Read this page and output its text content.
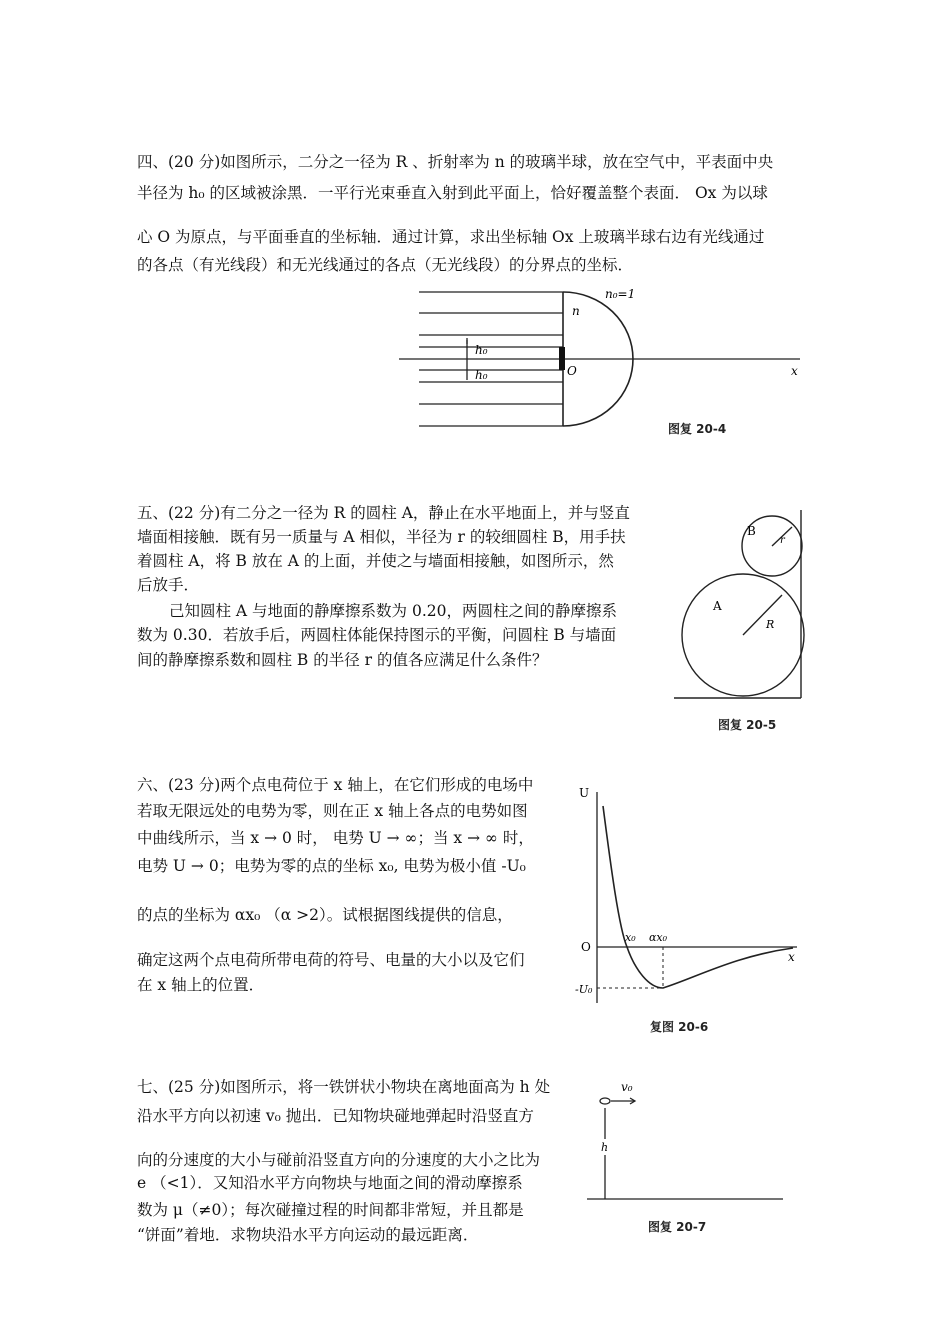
四、(20 分)如图所示，二分之一径为 R 、折射率为 n 的玻璃半球，放在空气中，平表面中央
半径为 h₀ 的区域被涂黑．一平行光束垂直入射到此平面上，恰好覆盖整个表面． Ox 为以球
心 O 为原点，与平面垂直的坐标轴．通过计算，求出坐标轴 Ox 上玻璃半球右边有光线通过
的各点（有光线段）和无光线通过的各点（无光线段）的分界点的坐标．
n₀=1
n
h₀
h₀	O	x
图复 20-4
五、(22 分)有二分之一径为 R 的圆柱 A，静止在水平地面上，并与竖直
墙面相接触．既有另一质量与 A 相似，半径为 r 的较细圆柱 B，用手扶
着圆柱 A，将 B 放在 A 的上面，并使之与墙面相接触，如图所示，然
后放手．
己知圆柱 A 与地面的静摩擦系数为 0.20，两圆柱之间的静摩擦系
数为 0.30．若放手后，两圆柱体能保持图示的平衡，问圆柱 B 与墙面
间的静摩擦系数和圆柱 B 的半径 r 的值各应满足什么条件？
A
B
R
r
图复 20-5
六、(23 分)两个点电荷位于 x 轴上，在它们形成的电场中
若取无限远处的电势为零，则在正 x 轴上各点的电势如图
中曲线所示，当 x → 0 时， 电势 U → ∞；当 x → ∞ 时，
电势 U → 0；电势为零的点的坐标 x₀, 电势为极小值 -U₀
的点的坐标为 αx₀ （α >2）。试根据图线提供的信息，
确定这两个点电荷所带电荷的符号、电量的大小以及它们
在 x 轴上的位置．
U
O
x
x₀ αx₀
-U₀
复图 20-6
七、(25 分)如图所示，将一铁饼状小物块在离地面高为 h 处
沿水平方向以初速 v₀ 抛出．已知物块碰地弹起时沿竖直方
向的分速度的大小与碰前沿竖直方向的分速度的大小之比为
e （<1）．又知沿水平方向物块与地面之间的滑动摩擦系
数为 μ（≠0）；每次碰撞过程的时间都非常短，并且都是
“饼面”着地．求物块沿水平方向运动的最远距离．
v₀
h
图复 20-7
